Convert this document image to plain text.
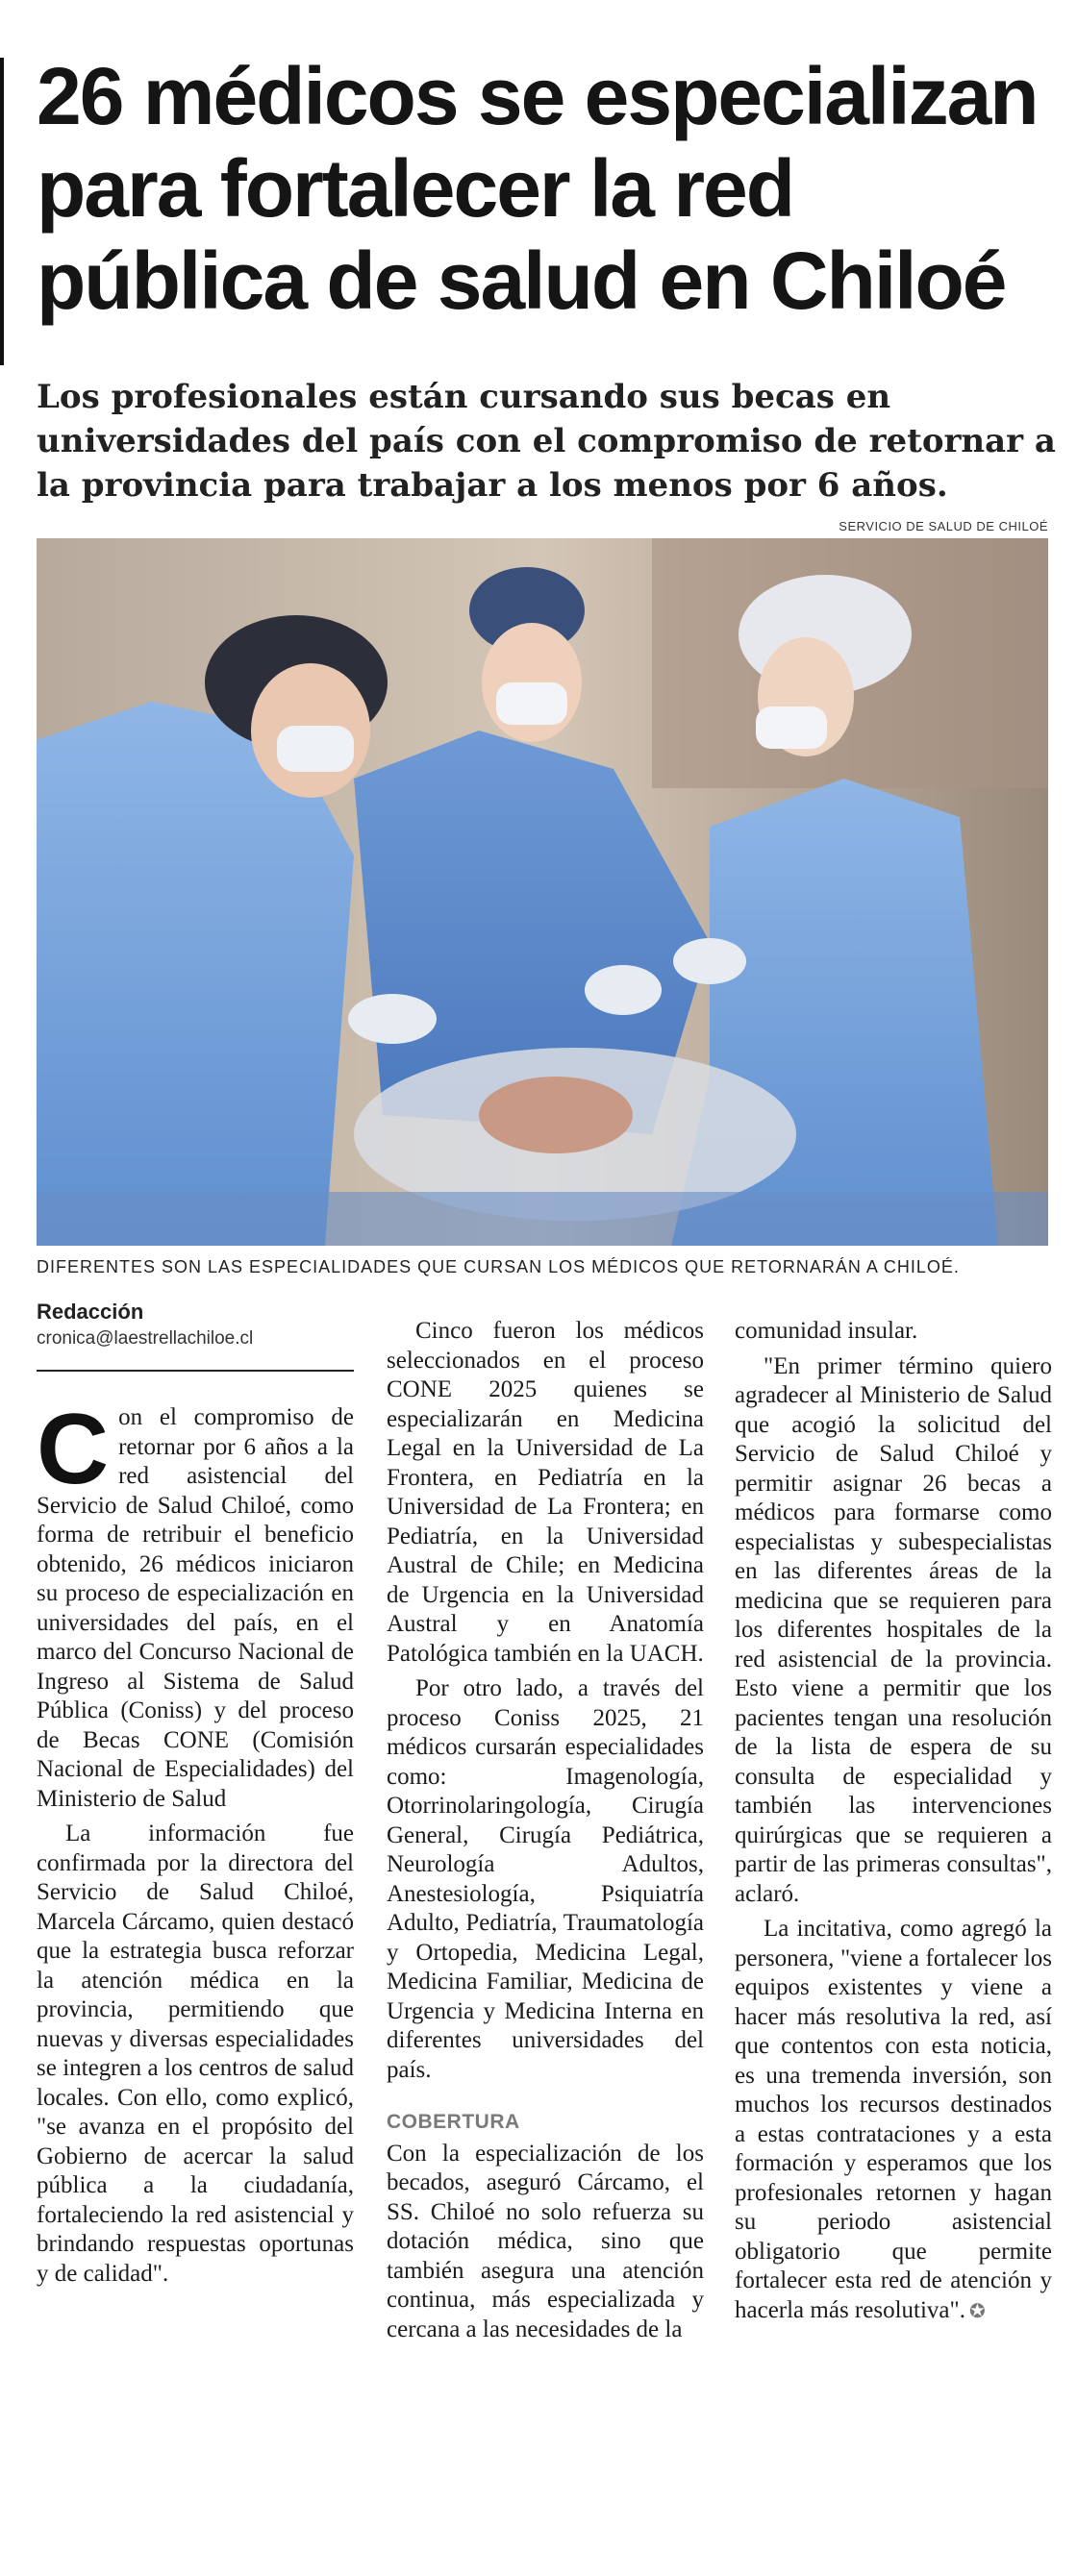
26 médicos se especializan para fortalecer la red pública de salud en Chiloé

Los profesionales están cursando sus becas en universidades del país con el compromiso de retornar a la provincia para trabajar a los menos por 6 años.

SERVICIO DE SALUD DE CHILOÉ
DIFERENTES SON LAS ESPECIALIDADES QUE CURSAN LOS MÉDICOS QUE RETORNARÁN A CHILOÉ.
Redacción
cronica@laestrellachiloe.cl

Con el compromiso de retornar por 6 años a la red asistencial del Servicio de Salud Chiloé, como forma de retribuir el beneficio obtenido, 26 médicos iniciaron su proceso de especialización en universidades del país, en el marco del Concurso Nacional de Ingreso al Sistema de Salud Pública (Coniss) y del proceso de Becas CONE (Comisión Nacional de Especialidades) del Ministerio de Salud

La información fue confirmada por la directora del Servicio de Salud Chiloé, Marcela Cárcamo, quien destacó que la estrategia busca reforzar la atención médica en la provincia, permitiendo que nuevas y diversas especialidades se integren a los centros de salud locales. Con ello, como explicó, "se avanza en el propósito del Gobierno de acercar la salud pública a la ciudadanía, fortaleciendo la red asistencial y brindando respuestas oportunas y de calidad".

Cinco fueron los médicos seleccionados en el proceso CONE 2025 quienes se especializarán en Medicina Legal en la Universidad de La Frontera, en Pediatría en la Universidad de La Frontera; en Pediatría, en la Universidad Austral de Chile; en Medicina de Urgencia en la Universidad Austral y en Anatomía Patológica también en la UACH.

Por otro lado, a través del proceso Coniss 2025, 21 médicos cursarán especialidades como: Imagenología, Otorrinolaringología, Cirugía General, Cirugía Pediátrica, Neurología Adultos, Anestesiología, Psiquiatría Adulto, Pediatría, Traumatología y Ortopedia, Medicina Legal, Medicina Familiar, Medicina de Urgencia y Medicina Interna en diferentes universidades del país.

COBERTURA

Con la especialización de los becados, aseguró Cárcamo, el SS. Chiloé no solo refuerza su dotación médica, sino que también asegura una atención continua, más especializada y cercana a las necesidades de la

comunidad insular.

"En primer término quiero agradecer al Ministerio de Salud que acogió la solicitud del Servicio de Salud Chiloé y permitir asignar 26 becas a médicos para formarse como especialistas y subespecialistas en las diferentes áreas de la medicina que se requieren para los diferentes hospitales de la red asistencial de la provincia. Esto viene a permitir que los pacientes tengan una resolución de la lista de espera de su consulta de especialidad y también las intervenciones quirúrgicas que se requieren a partir de las primeras consultas", aclaró.

La incitativa, como agregó la personera, "viene a fortalecer los equipos existentes y viene a hacer más resolutiva la red, así que contentos con esta noticia, es una tremenda inversión, son muchos los recursos destinados a estas contrataciones y a esta formación y esperamos que los profesionales retornen y hagan su periodo asistencial obligatorio que permite fortalecer esta red de atención y hacerla más resolutiva". ✪
